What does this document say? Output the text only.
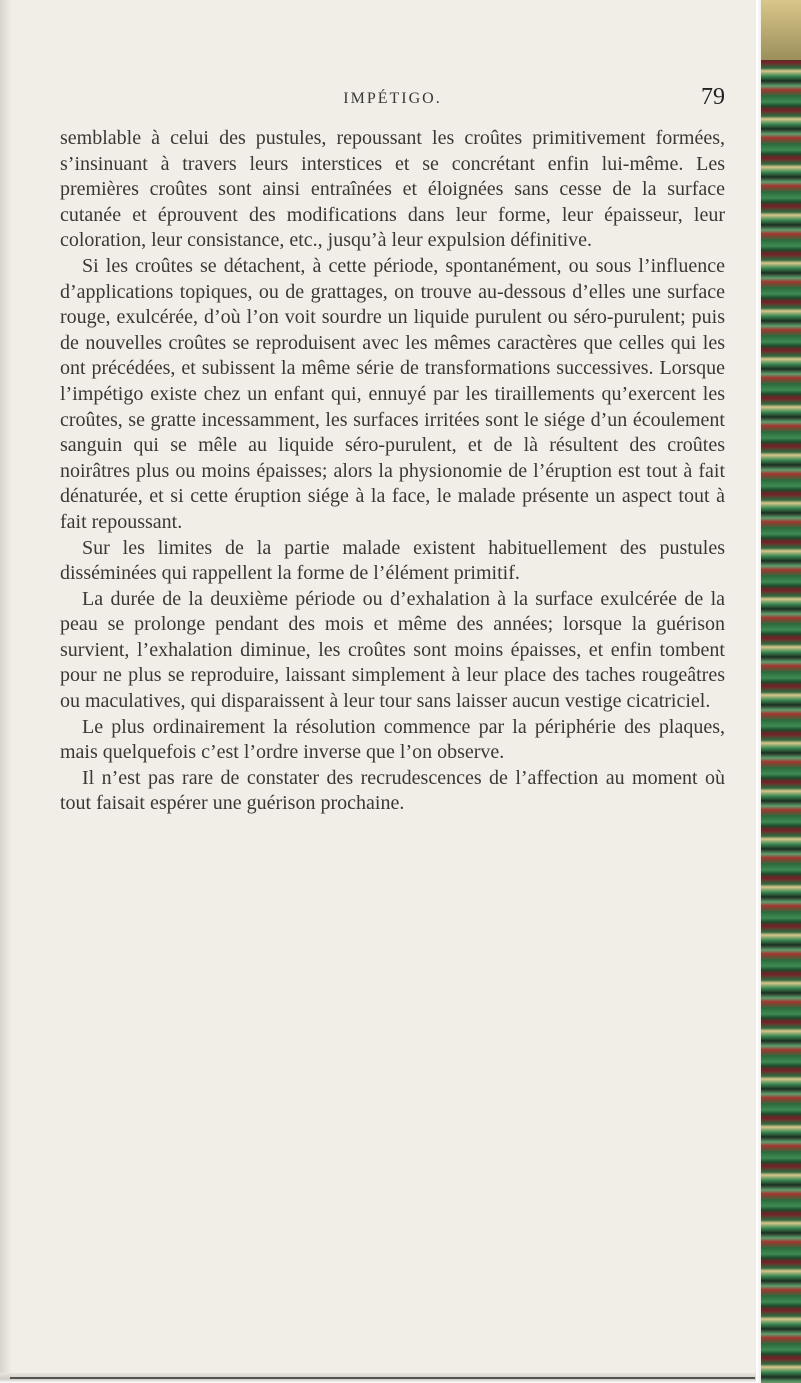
IMPÉTIGO.	79

semblable à celui des pustules, repoussant les croûtes primitivement formées, s’insinuant à travers leurs interstices et se concrétant enfin lui-même. Les premières croûtes sont ainsi entraînées et éloignées sans cesse de la surface cutanée et éprouvent des modifications dans leur forme, leur épaisseur, leur coloration, leur consistance, etc., jusqu’à leur expulsion définitive.

Si les croûtes se détachent, à cette période, spontanément, ou sous l’influence d’applications topiques, ou de grattages, on trouve au-dessous d’elles une surface rouge, exulcérée, d’où l’on voit sourdre un liquide purulent ou séro-purulent; puis de nouvelles croûtes se reproduisent avec les mêmes caractères que celles qui les ont précédées, et subissent la même série de transformations successives. Lorsque l’impétigo existe chez un enfant qui, ennuyé par les tiraillements qu’exercent les croûtes, se gratte incessamment, les surfaces irritées sont le siége d’un écoulement sanguin qui se mêle au liquide séro-purulent, et de là résultent des croûtes noirâtres plus ou moins épaisses; alors la physionomie de l’éruption est tout à fait dénaturée, et si cette éruption siége à la face, le malade présente un aspect tout à fait repoussant.

Sur les limites de la partie malade existent habituellement des pustules disséminées qui rappellent la forme de l’élément primitif.

La durée de la deuxième période ou d’exhalation à la surface exulcérée de la peau se prolonge pendant des mois et même des années; lorsque la guérison survient, l’exhalation diminue, les croûtes sont moins épaisses, et enfin tombent pour ne plus se reproduire, laissant simplement à leur place des taches rougeâtres ou maculatives, qui disparaissent à leur tour sans laisser aucun vestige cicatriciel.

Le plus ordinairement la résolution commence par la périphérie des plaques, mais quelquefois c’est l’ordre inverse que l’on observe.

Il n’est pas rare de constater des recrudescences de l’affection au moment où tout faisait espérer une guérison prochaine.
